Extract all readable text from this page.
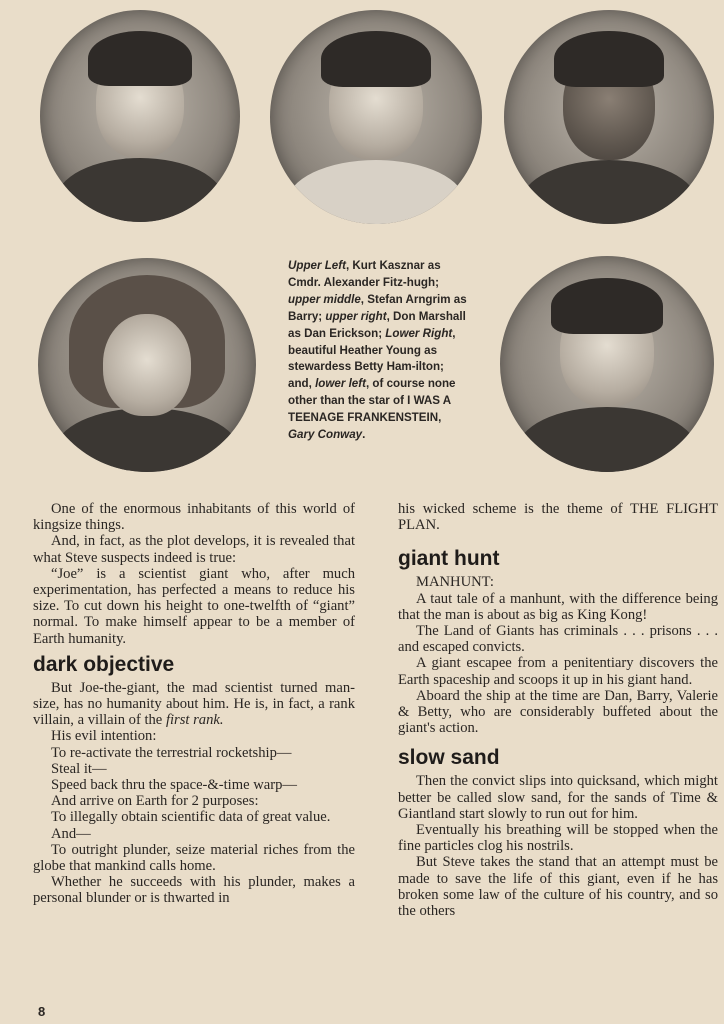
Upper Left, Kurt Kasznar as Cmdr. Alexander Fitz-hugh; upper middle, Stefan Arngrim as Barry; upper right, Don Marshall as Dan Erickson; Lower Right, beautiful Heather Young as stewardess Betty Ham-ilton; and, lower left, of course none other than the star of I WAS A TEENAGE FRANKENSTEIN, Gary Conway.

One of the enormous inhabitants of this world of kingsize things.

And, in fact, as the plot develops, it is revealed that what Steve suspects indeed is true:

“Joe” is a scientist giant who, after much experimentation, has perfected a means to reduce his size. To cut down his height to one-twelfth of “giant” normal. To make himself appear to be a member of Earth humanity.

dark objective

But Joe-the-giant, the mad scientist turned man-size, has no humanity about him. He is, in fact, a rank villain, a villain of the first rank.

His evil intention:

To re-activate the terrestrial rocketship—

Steal it—

Speed back thru the space-&-time warp—

And arrive on Earth for 2 purposes:

To illegally obtain scientific data of great value.

And—

To outright plunder, seize material riches from the globe that mankind calls home.

Whether he succeeds with his plunder, makes a personal blunder or is thwarted in

his wicked scheme is the theme of THE FLIGHT PLAN.

giant hunt

MANHUNT:

A taut tale of a manhunt, with the difference being that the man is about as big as King Kong!

The Land of Giants has criminals . . . prisons . . . and escaped convicts.

A giant escapee from a penitentiary discovers the Earth spaceship and scoops it up in his giant hand.

Aboard the ship at the time are Dan, Barry, Valerie & Betty, who are considerably buffeted about the giant's action.

slow sand

Then the convict slips into quicksand, which might better be called slow sand, for the sands of Time & Giantland start slowly to run out for him.

Eventually his breathing will be stopped when the fine particles clog his nostrils.

But Steve takes the stand that an attempt must be made to save the life of this giant, even if he has broken some law of the culture of his country, and so the others

8
